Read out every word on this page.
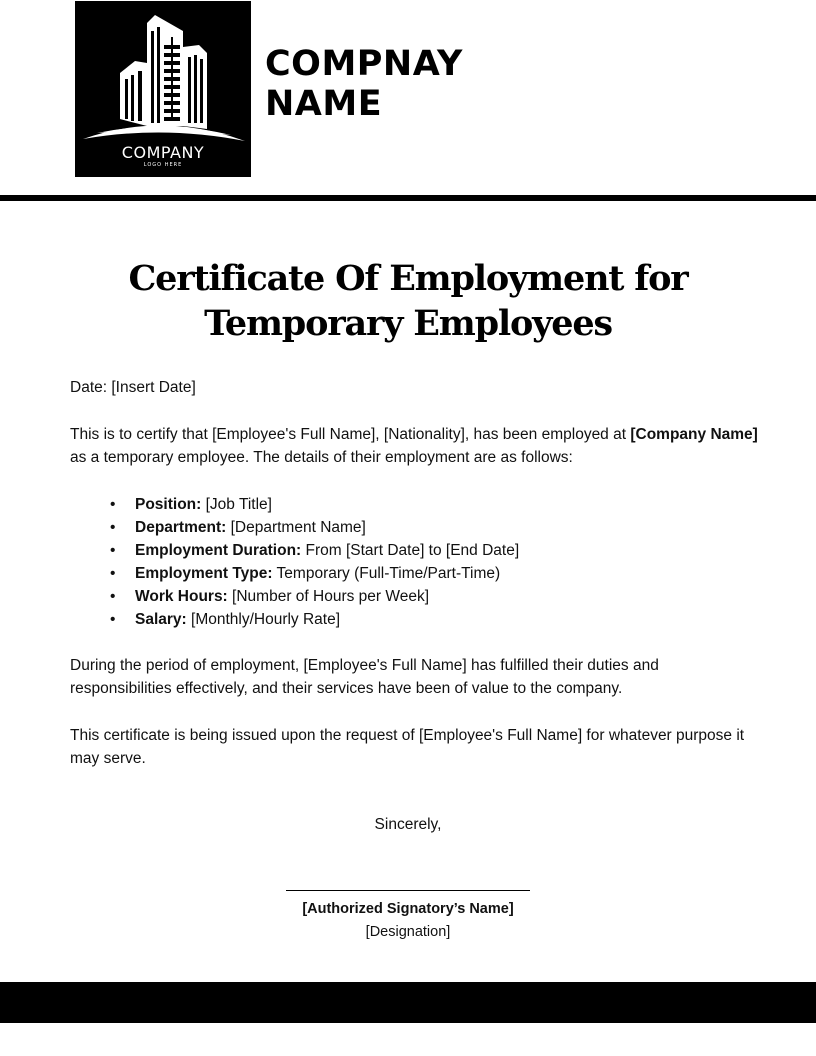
COMPANY
LOGO HERE
COMPNAY
NAME
Certificate Of Employment for
Temporary Employees

Date: [Insert Date]

This is to certify that [Employee's Full Name], [Nationality], has been employed at [Company Name] as a temporary employee. The details of their employment are as follows:

• Position: [Job Title]
• Department: [Department Name]
• Employment Duration: From [Start Date] to [End Date]
• Employment Type: Temporary (Full-Time/Part-Time)
• Work Hours: [Number of Hours per Week]
• Salary: [Monthly/Hourly Rate]

During the period of employment, [Employee's Full Name] has fulfilled their duties and responsibilities effectively, and their services have been of value to the company.

This certificate is being issued upon the request of [Employee's Full Name] for whatever purpose it may serve.

Sincerely,
[Authorized Signatory’s Name]
[Designation]
